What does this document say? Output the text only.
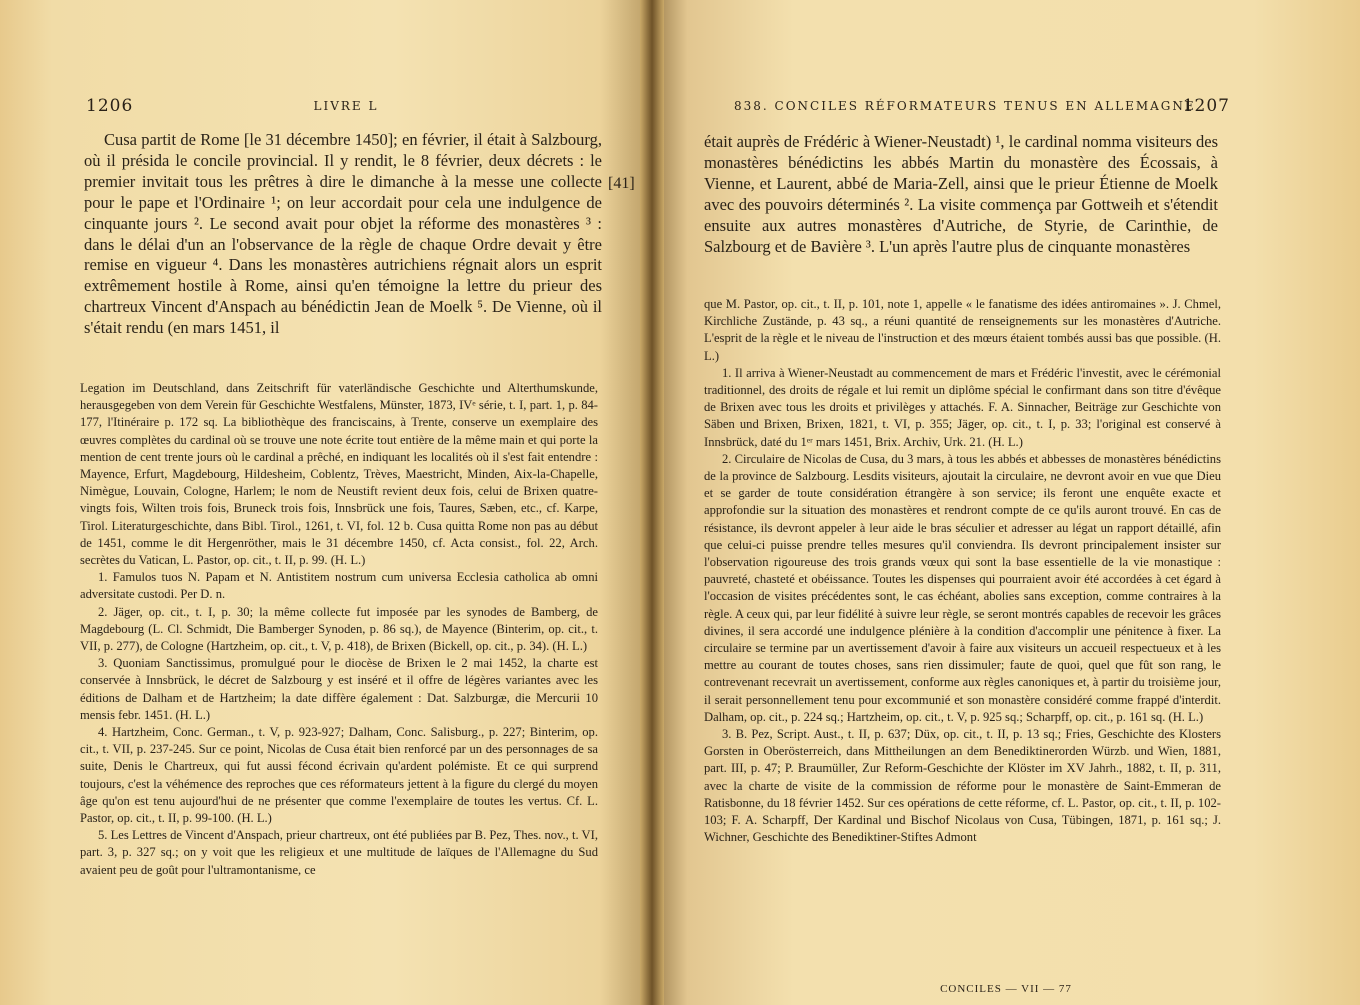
1206	LIVRE L

Cusa partit de Rome [le 31 décembre 1450]; en février, il était à Salzbourg, où il présida le concile provincial. Il y rendit, le 8 février, deux décrets : le premier invitait tous les prêtres à dire le dimanche à la messe une collecte pour le pape et l'Ordinaire ¹; on leur accordait pour cela une indulgence de cinquante jours ². Le second avait pour objet la réforme des monastères ³ : dans le délai d'un an l'observance de la règle de chaque Ordre devait y être remise en vigueur ⁴. Dans les monastères autrichiens régnait alors un esprit extrêmement hostile à Rome, ainsi qu'en témoigne la lettre du prieur des chartreux Vincent d'Anspach au bénédictin Jean de Moelk ⁵. De Vienne, où il s'était rendu (en mars 1451, il

[41]

Legation im Deutschland, dans Zeitschrift für vaterländische Geschichte und Alterthumskunde, herausgegeben von dem Verein für Geschichte Westfalens, Münster, 1873, IVᵉ série, t. I, part. 1, p. 84-177, l'Itinéraire p. 172 sq. La bibliothèque des franciscains, à Trente, conserve un exemplaire des œuvres complètes du cardinal où se trouve une note écrite tout entière de la même main et qui porte la mention de cent trente jours où le cardinal a prêché, en indiquant les localités où il s'est fait entendre : Mayence, Erfurt, Magdebourg, Hildesheim, Coblentz, Trèves, Maestricht, Minden, Aix-la-Chapelle, Nimègue, Louvain, Cologne, Harlem; le nom de Neustift revient deux fois, celui de Brixen quatre-vingts fois, Wilten trois fois, Bruneck trois fois, Innsbrück une fois, Taures, Sæben, etc., cf. Karpe, Tirol. Literaturgeschichte, dans Bibl. Tirol., 1261, t. VI, fol. 12 b. Cusa quitta Rome non pas au début de 1451, comme le dit Hergenröther, mais le 31 décembre 1450, cf. Acta consist., fol. 22, Arch. secrètes du Vatican, L. Pastor, op. cit., t. II, p. 99. (H. L.)

1. Famulos tuos N. Papam et N. Antistitem nostrum cum universa Ecclesia catholica ab omni adversitate custodi. Per D. n.

2. Jäger, op. cit., t. I, p. 30; la même collecte fut imposée par les synodes de Bamberg, de Magdebourg (L. Cl. Schmidt, Die Bamberger Synoden, p. 86 sq.), de Mayence (Binterim, op. cit., t. VII, p. 277), de Cologne (Hartzheim, op. cit., t. V, p. 418), de Brixen (Bickell, op. cit., p. 34). (H. L.)

3. Quoniam Sanctissimus, promulgué pour le diocèse de Brixen le 2 mai 1452, la charte est conservée à Innsbrück, le décret de Salzbourg y est inséré et il offre de légères variantes avec les éditions de Dalham et de Hartzheim; la date diffère également : Dat. Salzburgæ, die Mercurii 10 mensis febr. 1451. (H. L.)

4. Hartzheim, Conc. German., t. V, p. 923-927; Dalham, Conc. Salisburg., p. 227; Binterim, op. cit., t. VII, p. 237-245. Sur ce point, Nicolas de Cusa était bien renforcé par un des personnages de sa suite, Denis le Chartreux, qui fut aussi fécond écrivain qu'ardent polémiste. Et ce qui surprend toujours, c'est la véhémence des reproches que ces réformateurs jettent à la figure du clergé du moyen âge qu'on est tenu aujourd'hui de ne présenter que comme l'exemplaire de toutes les vertus. Cf. L. Pastor, op. cit., t. II, p. 99-100. (H. L.)

5. Les Lettres de Vincent d'Anspach, prieur chartreux, ont été publiées par B. Pez, Thes. nov., t. VI, part. 3, p. 327 sq.; on y voit que les religieux et une multitude de laïques de l'Allemagne du Sud avaient peu de goût pour l'ultramontanisme, ce

838. CONCILES RÉFORMATEURS TENUS EN ALLEMAGNE
1207

était auprès de Frédéric à Wiener-Neustadt) ¹, le cardinal nomma visiteurs des monastères bénédictins les abbés Martin du monastère des Écossais, à Vienne, et Laurent, abbé de Maria-Zell, ainsi que le prieur Étienne de Moelk avec des pouvoirs déterminés ². La visite commença par Gottweih et s'étendit ensuite aux autres monastères d'Autriche, de Styrie, de Carinthie, de Salzbourg et de Bavière ³. L'un après l'autre plus de cinquante monastères

que M. Pastor, op. cit., t. II, p. 101, note 1, appelle « le fanatisme des idées antiromaines ». J. Chmel, Kirchliche Zustände, p. 43 sq., a réuni quantité de renseignements sur les monastères d'Autriche. L'esprit de la règle et le niveau de l'instruction et des mœurs étaient tombés aussi bas que possible. (H. L.)

1. Il arriva à Wiener-Neustadt au commencement de mars et Frédéric l'investit, avec le cérémonial traditionnel, des droits de régale et lui remit un diplôme spécial le confirmant dans son titre d'évêque de Brixen avec tous les droits et privilèges y attachés. F. A. Sinnacher, Beiträge zur Geschichte von Säben und Brixen, Brixen, 1821, t. VI, p. 355; Jäger, op. cit., t. I, p. 33; l'original est conservé à Innsbrück, daté du 1ᵉʳ mars 1451, Brix. Archiv, Urk. 21. (H. L.)

2. Circulaire de Nicolas de Cusa, du 3 mars, à tous les abbés et abbesses de monastères bénédictins de la province de Salzbourg. Lesdits visiteurs, ajoutait la circulaire, ne devront avoir en vue que Dieu et se garder de toute considération étrangère à son service; ils feront une enquête exacte et approfondie sur la situation des monastères et rendront compte de ce qu'ils auront trouvé. En cas de résistance, ils devront appeler à leur aide le bras séculier et adresser au légat un rapport détaillé, afin que celui-ci puisse prendre telles mesures qu'il conviendra. Ils devront principalement insister sur l'observation rigoureuse des trois grands vœux qui sont la base essentielle de la vie monastique : pauvreté, chasteté et obéissance. Toutes les dispenses qui pourraient avoir été accordées à cet égard à l'occasion de visites précédentes sont, le cas échéant, abolies sans exception, comme contraires à la règle. A ceux qui, par leur fidélité à suivre leur règle, se seront montrés capables de recevoir les grâces divines, il sera accordé une indulgence plénière à la condition d'accomplir une pénitence à fixer. La circulaire se termine par un avertissement d'avoir à faire aux visiteurs un accueil respectueux et à les mettre au courant de toutes choses, sans rien dissimuler; faute de quoi, quel que fût son rang, le contrevenant recevrait un avertissement, conforme aux règles canoniques et, à partir du troisième jour, il serait personnellement tenu pour excommunié et son monastère considéré comme frappé d'interdit. Dalham, op. cit., p. 224 sq.; Hartzheim, op. cit., t. V, p. 925 sq.; Scharpff, op. cit., p. 161 sq. (H. L.)

3. B. Pez, Script. Aust., t. II, p. 637; Düx, op. cit., t. II, p. 13 sq.; Fries, Geschichte des Klosters Gorsten in Oberösterreich, dans Mittheilungen an dem Benediktinerorden Würzb. und Wien, 1881, part. III, p. 47; P. Braumüller, Zur Reform-Geschichte der Klöster im XV Jahrh., 1882, t. II, p. 311, avec la charte de visite de la commission de réforme pour le monastère de Saint-Emmeran de Ratisbonne, du 18 février 1452. Sur ces opérations de cette réforme, cf. L. Pastor, op. cit., t. II, p. 102-103; F. A. Scharpff, Der Kardinal und Bischof Nicolaus von Cusa, Tübingen, 1871, p. 161 sq.; J. Wichner, Geschichte des Benediktiner-Stiftes Admont

CONCILES — VII — 77
